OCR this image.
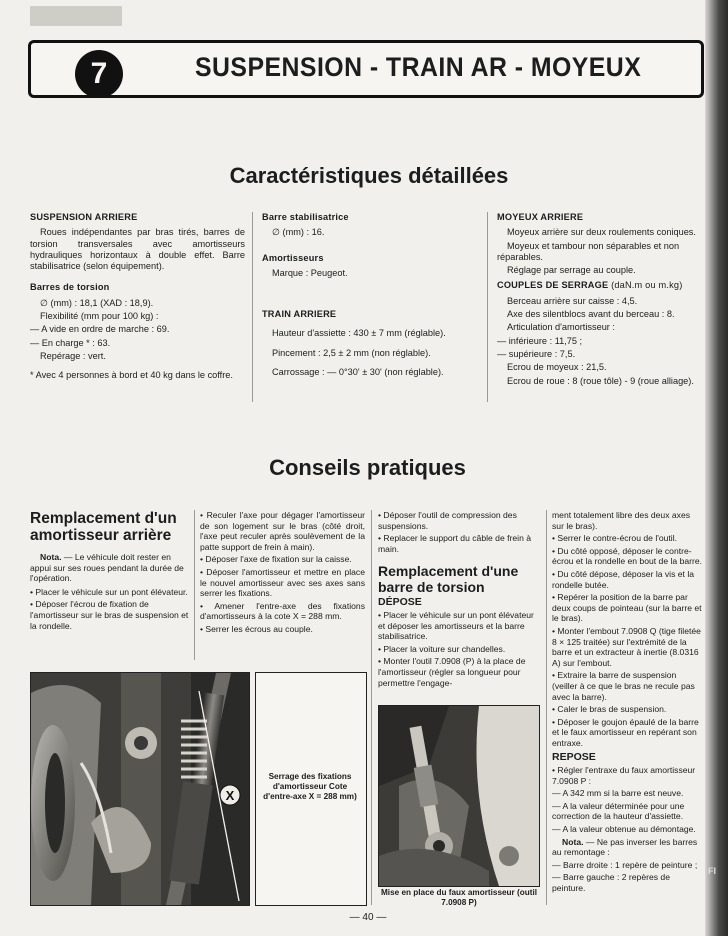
FI
7	SUSPENSION - TRAIN AR - MOYEUX
Caractéristiques détaillées

SUSPENSION ARRIERE

Roues indépendantes par bras tirés, barres de torsion transversales avec amortisseurs hydrauliques horizontaux à double effet. Barre stabilisatrice (selon équipement).

Barres de torsion

∅ (mm) : 18,1 (XAD : 18,9).

Flexibilité (mm pour 100 kg) :

— A vide en ordre de marche : 69.

— En charge * : 63.

Repérage : vert.

* Avec 4 personnes à bord et 40 kg dans le coffre.

Barre stabilisatrice

∅ (mm) : 16.

Amortisseurs

Marque : Peugeot.

TRAIN ARRIERE

Hauteur d'assiette : 430 ± 7 mm (réglable).

Pincement : 2,5 ± 2 mm (non réglable).

Carrossage : — 0°30' ± 30' (non réglable).

MOYEUX ARRIERE

Moyeux arrière sur deux roulements coniques.

Moyeux et tambour non séparables et non réparables.

Réglage par serrage au couple.

COUPLES DE SERRAGE (daN.m ou m.kg)

Berceau arrière sur caisse : 4,5.

Axe des silentblocs avant du berceau : 8.

Articulation d'amortisseur :

— inférieure : 11,75 ;

— supérieure : 7,5.

Ecrou de moyeux : 21,5.

Ecrou de roue : 8 (roue tôle) - 9 (roue alliage).

Conseils pratiques

Remplacement d'un amortisseur arrière

Nota. — Le véhicule doit rester en appui sur ses roues pendant la durée de l'opération.

• Placer le véhicule sur un pont élévateur.

• Déposer l'écrou de fixation de l'amortisseur sur le bras de suspension et la rondelle.

• Reculer l'axe pour dégager l'amortisseur de son logement sur le bras (côté droit, l'axe peut reculer après soulèvement de la patte support de frein à main).

• Déposer l'axe de fixation sur la caisse.

• Déposer l'amortisseur et mettre en place le nouvel amortisseur avec ses axes sans serrer les fixations.

• Amener l'entre-axe des fixations d'amortisseurs à la cote X = 288 mm.

• Serrer les écrous au couple.

• Déposer l'outil de compression des suspensions.

• Replacer le support du câble de frein à main.

Remplacement d'une barre de torsion

DÉPOSE

• Placer le véhicule sur un pont élévateur et déposer les amortisseurs et la barre stabilisatrice.

• Placer la voiture sur chandelles.

• Monter l'outil 7.0908 (P) à la place de l'amortisseur (régler sa longueur pour permettre l'engage-

ment totalement libre des deux axes sur le bras).

• Serrer le contre-écrou de l'outil.

• Du côté opposé, déposer le contre-écrou et la rondelle en bout de la barre.

• Du côté dépose, déposer la vis et la rondelle butée.

• Repérer la position de la barre par deux coups de pointeau (sur la barre et le bras).

• Monter l'embout 7.0908 Q (tige filetée 8 × 125 traitée) sur l'extrémité de la barre et un extracteur à inertie (8.0316 A) sur l'embout.

• Extraire la barre de suspension (veiller à ce que le bras ne recule pas avec la barre).

• Caler le bras de suspension.

• Déposer le goujon épaulé de la barre et le faux amortisseur en repérant son entraxe.

REPOSE

• Régler l'entraxe du faux amortisseur 7.0908 P :

— A 342 mm si la barre est neuve.

— A la valeur déterminée pour une correction de la hauteur d'assiette.

— A la valeur obtenue au démontage.

Nota. — Ne pas inverser les barres au remontage :

— Barre droite : 1 repère de peinture ;

— Barre gauche : 2 repères de peinture.

X
Serrage des fixations d'amortisseur Cote d'entre-axe X = 288 mm)
Mise en place du faux amortisseur (outil 7.0908 P)
— 40 —
